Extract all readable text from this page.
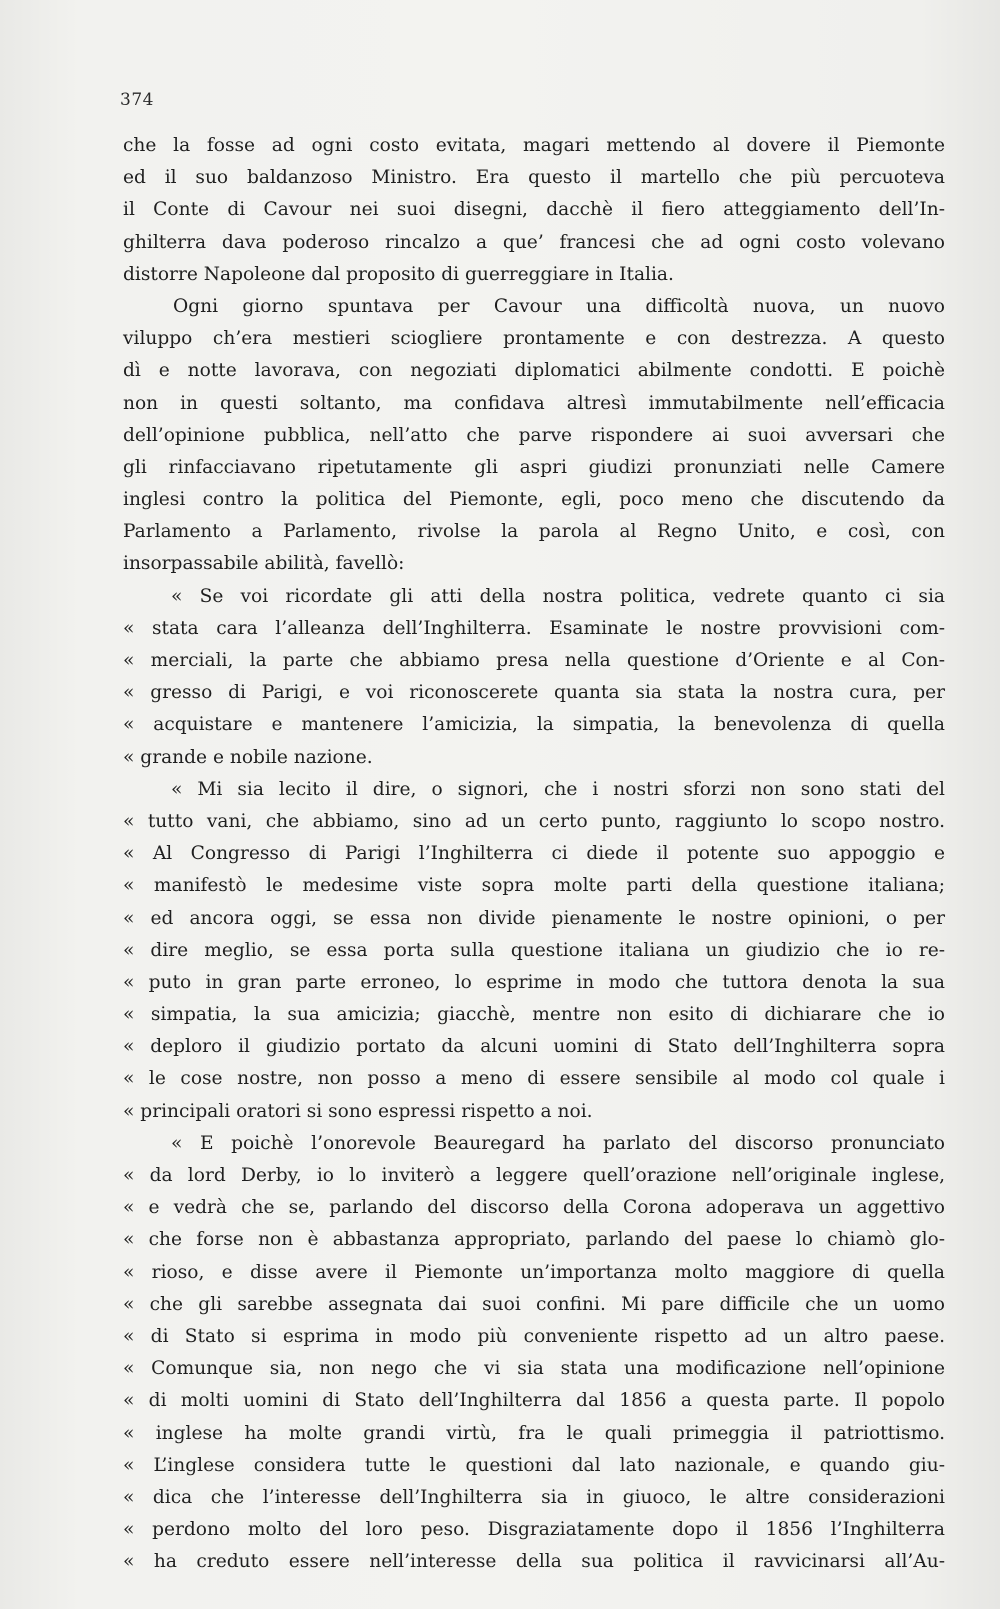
374
che la fosse ad ogni costo evitata, magari mettendo al dovere il Piemonte
ed il suo baldanzoso Ministro. Era questo il martello che più percuoteva
il Conte di Cavour nei suoi disegni, dacchè il fiero atteggiamento dell’In-
ghilterra dava poderoso rincalzo a que’ francesi che ad ogni costo volevano
distorre Napoleone dal proposito di guerreggiare in Italia.
Ogni giorno spuntava per Cavour una difficoltà nuova, un nuovo
viluppo ch’era mestieri sciogliere prontamente e con destrezza. A questo
dì e notte lavorava, con negoziati diplomatici abilmente condotti. E poichè
non in questi soltanto, ma confidava altresì immutabilmente nell’efficacia
dell’opinione pubblica, nell’atto che parve rispondere ai suoi avversari che
gli rinfacciavano ripetutamente gli aspri giudizi pronunziati nelle Camere
inglesi contro la politica del Piemonte, egli, poco meno che discutendo da
Parlamento a Parlamento, rivolse la parola al Regno Unito, e così, con
insorpassabile abilità, favellò:
« Se voi ricordate gli atti della nostra politica, vedrete quanto ci sia
« stata cara l’alleanza dell’Inghilterra. Esaminate le nostre provvisioni com-
« merciali, la parte che abbiamo presa nella questione d’Oriente e al Con-
« gresso di Parigi, e voi riconoscerete quanta sia stata la nostra cura, per
« acquistare e mantenere l’amicizia, la simpatia, la benevolenza di quella
« grande e nobile nazione.
« Mi sia lecito il dire, o signori, che i nostri sforzi non sono stati del
« tutto vani, che abbiamo, sino ad un certo punto, raggiunto lo scopo nostro.
« Al Congresso di Parigi l’Inghilterra ci diede il potente suo appoggio e
« manifestò le medesime viste sopra molte parti della questione italiana;
« ed ancora oggi, se essa non divide pienamente le nostre opinioni, o per
« dire meglio, se essa porta sulla questione italiana un giudizio che io re-
« puto in gran parte erroneo, lo esprime in modo che tuttora denota la sua
« simpatia, la sua amicizia; giacchè, mentre non esito di dichiarare che io
« deploro il giudizio portato da alcuni uomini di Stato dell’Inghilterra sopra
« le cose nostre, non posso a meno di essere sensibile al modo col quale i
« principali oratori si sono espressi rispetto a noi.
« E poichè l’onorevole Beauregard ha parlato del discorso pronunciato
« da lord Derby, io lo inviterò a leggere quell’orazione nell’originale inglese,
« e vedrà che se, parlando del discorso della Corona adoperava un aggettivo
« che forse non è abbastanza appropriato, parlando del paese lo chiamò glo-
« rioso, e disse avere il Piemonte un’importanza molto maggiore di quella
« che gli sarebbe assegnata dai suoi confini. Mi pare difficile che un uomo
« di Stato si esprima in modo più conveniente rispetto ad un altro paese.
« Comunque sia, non nego che vi sia stata una modificazione nell’opinione
« di molti uomini di Stato dell’Inghilterra dal 1856 a questa parte. Il popolo
« inglese ha molte grandi virtù, fra le quali primeggia il patriottismo.
« L’inglese considera tutte le questioni dal lato nazionale, e quando giu-
« dica che l’interesse dell’Inghilterra sia in giuoco, le altre considerazioni
« perdono molto del loro peso. Disgraziatamente dopo il 1856 l’Inghilterra
« ha creduto essere nell’interesse della sua politica il ravvicinarsi all’Au-
